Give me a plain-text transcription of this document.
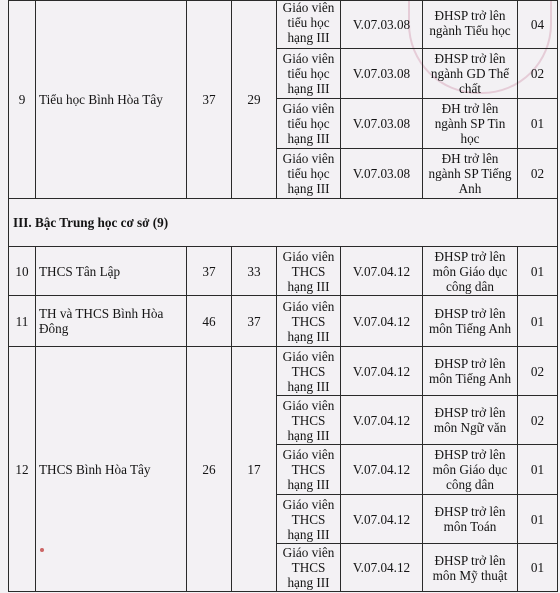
9	Tiểu học Bình Hòa Tây	37	29	Giáo viên tiểu học hạng III	V.07.03.08	ĐHSP trở lên ngành Tiểu học	04
				Giáo viên tiểu học hạng III	V.07.03.08	ĐHSP trở lên ngành GD Thể chất	02
				Giáo viên tiểu học hạng III	V.07.03.08	ĐH trở lên ngành SP Tin học	01
				Giáo viên tiểu học hạng III	V.07.03.08	ĐH trở lên ngành SP Tiếng Anh	02
III. Bậc Trung học cơ sở (9)							
10	THCS Tân Lập	37	33	Giáo viên THCS hạng III	V.07.04.12	ĐHSP trở lên môn Giáo dục công dân	01
11	TH và THCS Bình Hòa Đông	46	37	Giáo viên THCS hạng III	V.07.04.12	ĐHSP trở lên môn Tiếng Anh	01
12	THCS Bình Hòa Tây	26	17	Giáo viên THCS hạng III	V.07.04.12	ĐHSP trở lên môn Tiếng Anh	02
				Giáo viên THCS hạng III	V.07.04.12	ĐHSP trở lên môn Ngữ văn	02
				Giáo viên THCS hạng III	V.07.04.12	ĐHSP trở lên môn Giáo dục công dân	01
				Giáo viên THCS hạng III	V.07.04.12	ĐHSP trở lên môn Toán	01
				Giáo viên THCS hạng III	V.07.04.12	ĐHSP trở lên môn Mỹ thuật	01
